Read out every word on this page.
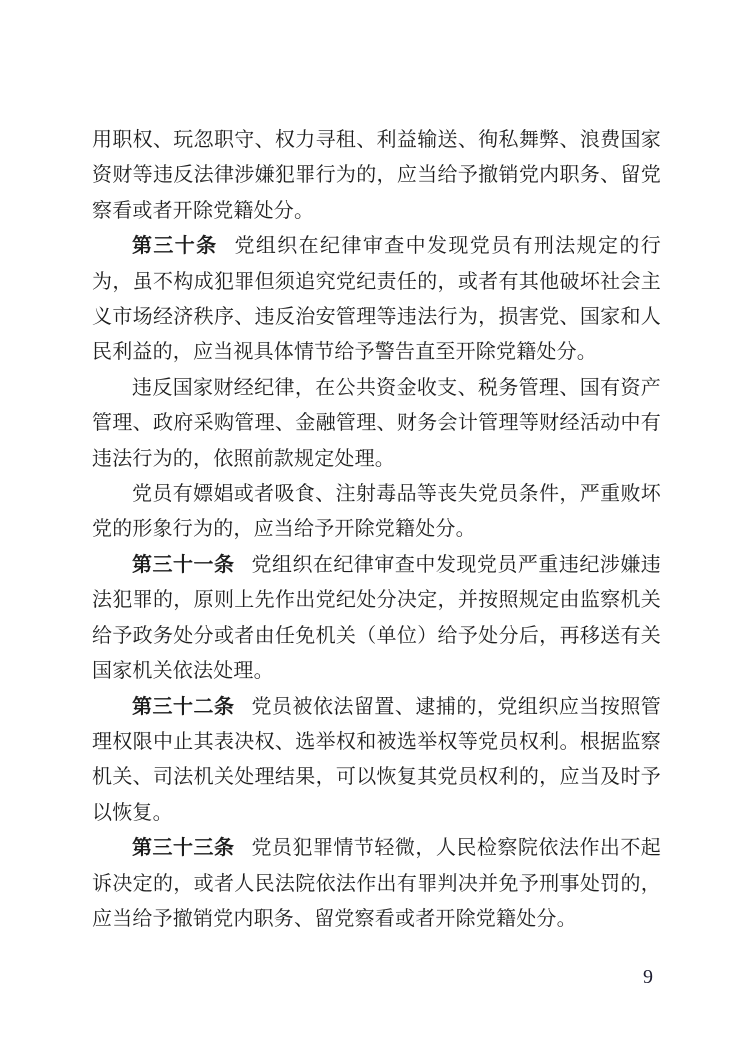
用职权、玩忽职守、权力寻租、利益输送、徇私舞弊、浪费国家资财等违反法律涉嫌犯罪行为的，应当给予撤销党内职务、留党察看或者开除党籍处分。

第三十条 党组织在纪律审查中发现党员有刑法规定的行为，虽不构成犯罪但须追究党纪责任的，或者有其他破坏社会主义市场经济秩序、违反治安管理等违法行为，损害党、国家和人民利益的，应当视具体情节给予警告直至开除党籍处分。

违反国家财经纪律，在公共资金收支、税务管理、国有资产管理、政府采购管理、金融管理、财务会计管理等财经活动中有违法行为的，依照前款规定处理。

党员有嫖娼或者吸食、注射毒品等丧失党员条件，严重败坏党的形象行为的，应当给予开除党籍处分。

第三十一条 党组织在纪律审查中发现党员严重违纪涉嫌违法犯罪的，原则上先作出党纪处分决定，并按照规定由监察机关给予政务处分或者由任免机关（单位）给予处分后，再移送有关国家机关依法处理。

第三十二条 党员被依法留置、逮捕的，党组织应当按照管理权限中止其表决权、选举权和被选举权等党员权利。根据监察机关、司法机关处理结果，可以恢复其党员权利的，应当及时予以恢复。

第三十三条 党员犯罪情节轻微，人民检察院依法作出不起诉决定的，或者人民法院依法作出有罪判决并免予刑事处罚的，应当给予撤销党内职务、留党察看或者开除党籍处分。

9
